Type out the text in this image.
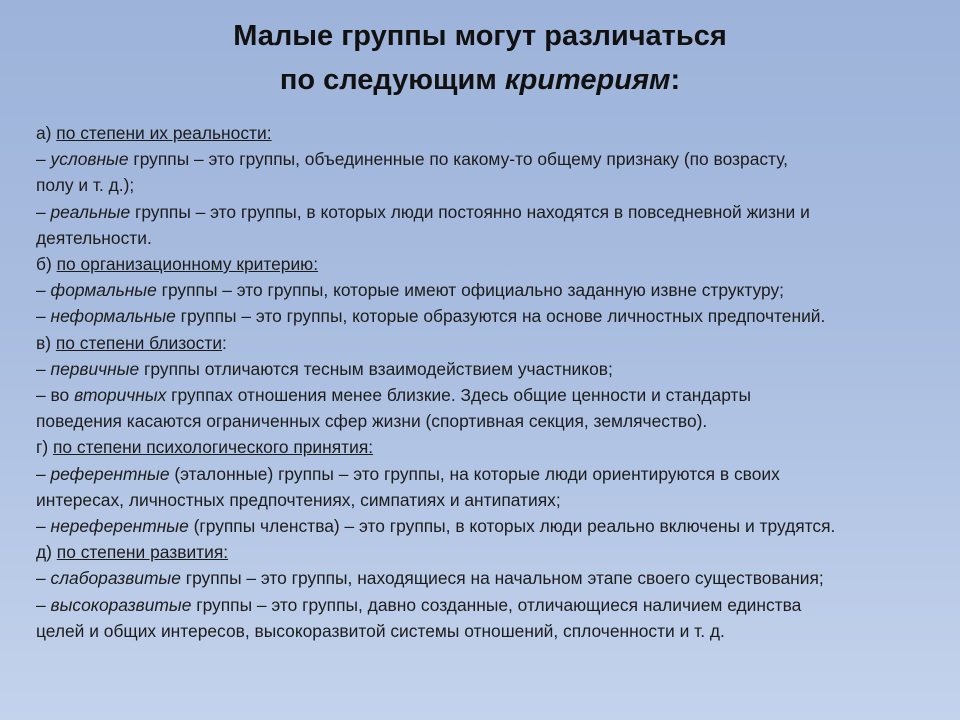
Малые группы могут различаться
по следующим критериям:
а) по степени их реальности:
– условные группы – это группы, объединенные по какому-то общему признаку (по возрасту,
полу и т. д.);
– реальные группы – это группы, в которых люди постоянно находятся в повседневной жизни и
деятельности.
б) по организационному критерию:
– формальные группы – это группы, которые имеют официально заданную извне структуру;
– неформальные группы – это группы, которые образуются на основе личностных предпочтений.
в) по степени близости:
– первичные группы отличаются тесным взаимодействием участников;
– во вторичных группах отношения менее близкие. Здесь общие ценности и стандарты
поведения касаются ограниченных сфер жизни (спортивная секция, землячество).
г) по степени психологического принятия:
– референтные (эталонные) группы – это группы, на которые люди ориентируются в своих
интересах, личностных предпочтениях, симпатиях и антипатиях;
– нереферентные (группы членства) – это группы, в которых люди реально включены и трудятся.
д) по степени развития:
– слаборазвитые группы – это группы, находящиеся на начальном этапе своего существования;
– высокоразвитые группы – это группы, давно созданные, отличающиеся наличием единства
целей и общих интересов, высокоразвитой системы отношений, сплоченности и т. д.
